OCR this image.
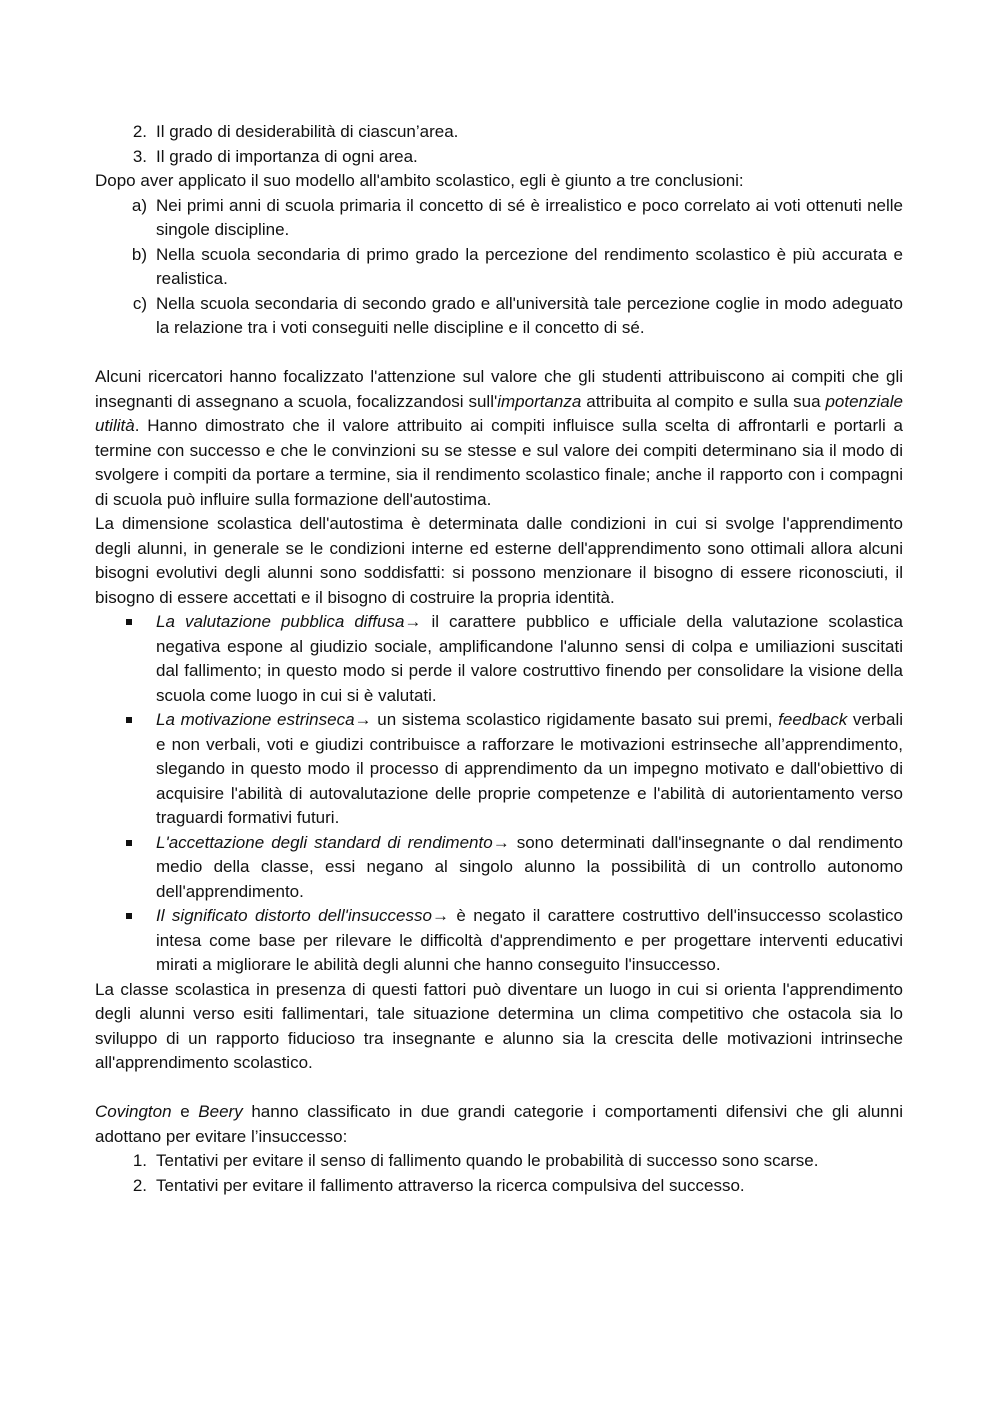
2. Il grado di desiderabilità di ciascun’area.
3. Il grado di importanza di ogni area.

Dopo aver applicato il suo modello all'ambito scolastico, egli è giunto a tre conclusioni:

a) Nei primi anni di scuola primaria il concetto di sé è irrealistico e poco correlato ai voti ottenuti nelle singole discipline.
b) Nella scuola secondaria di primo grado la percezione del rendimento scolastico è più accurata e realistica.
c) Nella scuola secondaria di secondo grado e all'università tale percezione coglie in modo adeguato la relazione tra i voti conseguiti nelle discipline e il concetto di sé.

Alcuni ricercatori hanno focalizzato l'attenzione sul valore che gli studenti attribuiscono ai compiti che gli insegnanti di assegnano a scuola, focalizzandosi sull'importanza attribuita al compito e sulla sua potenziale utilità. Hanno dimostrato che il valore attribuito ai compiti influisce sulla scelta di affrontarli e portarli a termine con successo e che le convinzioni su se stesse e sul valore dei compiti determinano sia il modo di svolgere i compiti da portare a termine, sia il rendimento scolastico finale; anche il rapporto con i compagni di scuola può influire sulla formazione dell'autostima.

La dimensione scolastica dell'autostima è determinata dalle condizioni in cui si svolge l'apprendimento degli alunni, in generale se le condizioni interne ed esterne dell'apprendimento sono ottimali allora alcuni bisogni evolutivi degli alunni sono soddisfatti: si possono menzionare il bisogno di essere riconosciuti, il bisogno di essere accettati e il bisogno di costruire la propria identità.

La valutazione pubblica diffusa→ il carattere pubblico e ufficiale della valutazione scolastica negativa espone al giudizio sociale, amplificandone l'alunno sensi di colpa e umiliazioni suscitati dal fallimento; in questo modo si perde il valore costruttivo finendo per consolidare la visione della scuola come luogo in cui si è valutati.
La motivazione estrinseca→ un sistema scolastico rigidamente basato sui premi, feedback verbali e non verbali, voti e giudizi contribuisce a rafforzare le motivazioni estrinseche all’apprendimento, slegando in questo modo il processo di apprendimento da un impegno motivato e dall'obiettivo di acquisire l'abilità di autovalutazione delle proprie competenze e l'abilità di autorientamento verso traguardi formativi futuri.
L'accettazione degli standard di rendimento→ sono determinati dall'insegnante o dal rendimento medio della classe, essi negano al singolo alunno la possibilità di un controllo autonomo dell'apprendimento.
Il significato distorto dell'insuccesso→ è negato il carattere costruttivo dell'insuccesso scolastico intesa come base per rilevare le difficoltà d'apprendimento e per progettare interventi educativi mirati a migliorare le abilità degli alunni che hanno conseguito l'insuccesso.

La classe scolastica in presenza di questi fattori può diventare un luogo in cui si orienta l'apprendimento degli alunni verso esiti fallimentari, tale situazione determina un clima competitivo che ostacola sia lo sviluppo di un rapporto fiducioso tra insegnante e alunno sia la crescita delle motivazioni intrinseche all'apprendimento scolastico.

Covington e Beery hanno classificato in due grandi categorie i comportamenti difensivi che gli alunni adottano per evitare l’insuccesso:

1. Tentativi per evitare il senso di fallimento quando le probabilità di successo sono scarse.
2. Tentativi per evitare il fallimento attraverso la ricerca compulsiva del successo.
